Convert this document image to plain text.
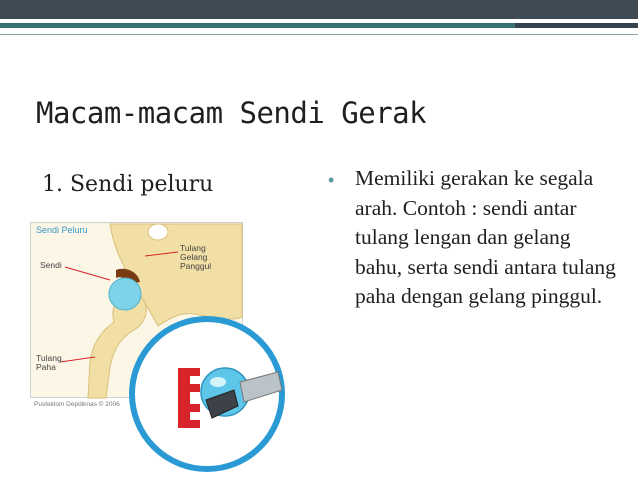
Macam-macam Sendi Gerak
1. Sendi peluru	• Memiliki gerakan ke segala arah. Contoh : sendi antar tulang lengan dan gelang bahu, serta sendi antara tulang paha dengan gelang pinggul.
Sendi Peluru
Sendi
Tulang
Gelang
Panggul
Tulang
Paha
Pusteklom Depdiknas © 2006
